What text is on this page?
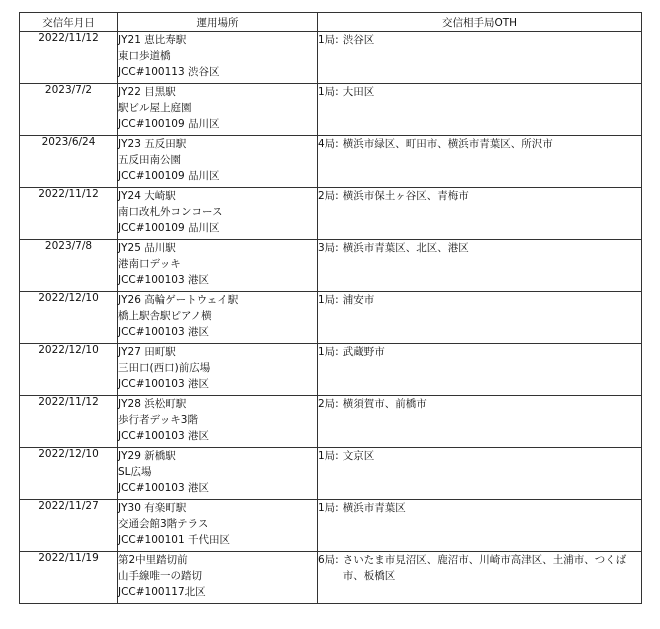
交信年月日	運用場所	交信相手局OTH
2022/11/12	JY21 恵比寿駅
東口歩道橋
JCC#100113 渋谷区	1局: 渋谷区

2023/7/2	JY22 目黒駅
駅ビル屋上庭園
JCC#100109 品川区	1局: 大田区

2023/6/24	JY23 五反田駅
五反田南公園
JCC#100109 品川区	4局: 横浜市緑区、町田市、横浜市青葉区、所沢市

2022/11/12	JY24 大崎駅
南口改札外コンコース
JCC#100109 品川区	2局: 横浜市保土ヶ谷区、青梅市

2023/7/8	JY25 品川駅
港南口デッキ
JCC#100103 港区	3局: 横浜市青葉区、北区、港区

2022/12/10	JY26 高輪ゲートウェイ駅
橋上駅舎駅ピアノ横
JCC#100103 港区	1局: 浦安市

2022/12/10	JY27 田町駅
三田口(西口)前広場
JCC#100103 港区	1局: 武蔵野市

2022/11/12	JY28 浜松町駅
歩行者デッキ3階
JCC#100103 港区	2局: 横須賀市、前橋市

2022/12/10	JY29 新橋駅
SL広場
JCC#100103 港区	1局: 文京区

2022/11/27	JY30 有楽町駅
交通会館3階テラス
JCC#100101 千代田区	1局: 横浜市青葉区

2022/11/19	第2中里踏切前
山手線唯一の踏切
JCC#100117北区	6局: さいたま市見沼区、鹿沼市、川崎市高津区、土浦市、つくば市、板橋区
